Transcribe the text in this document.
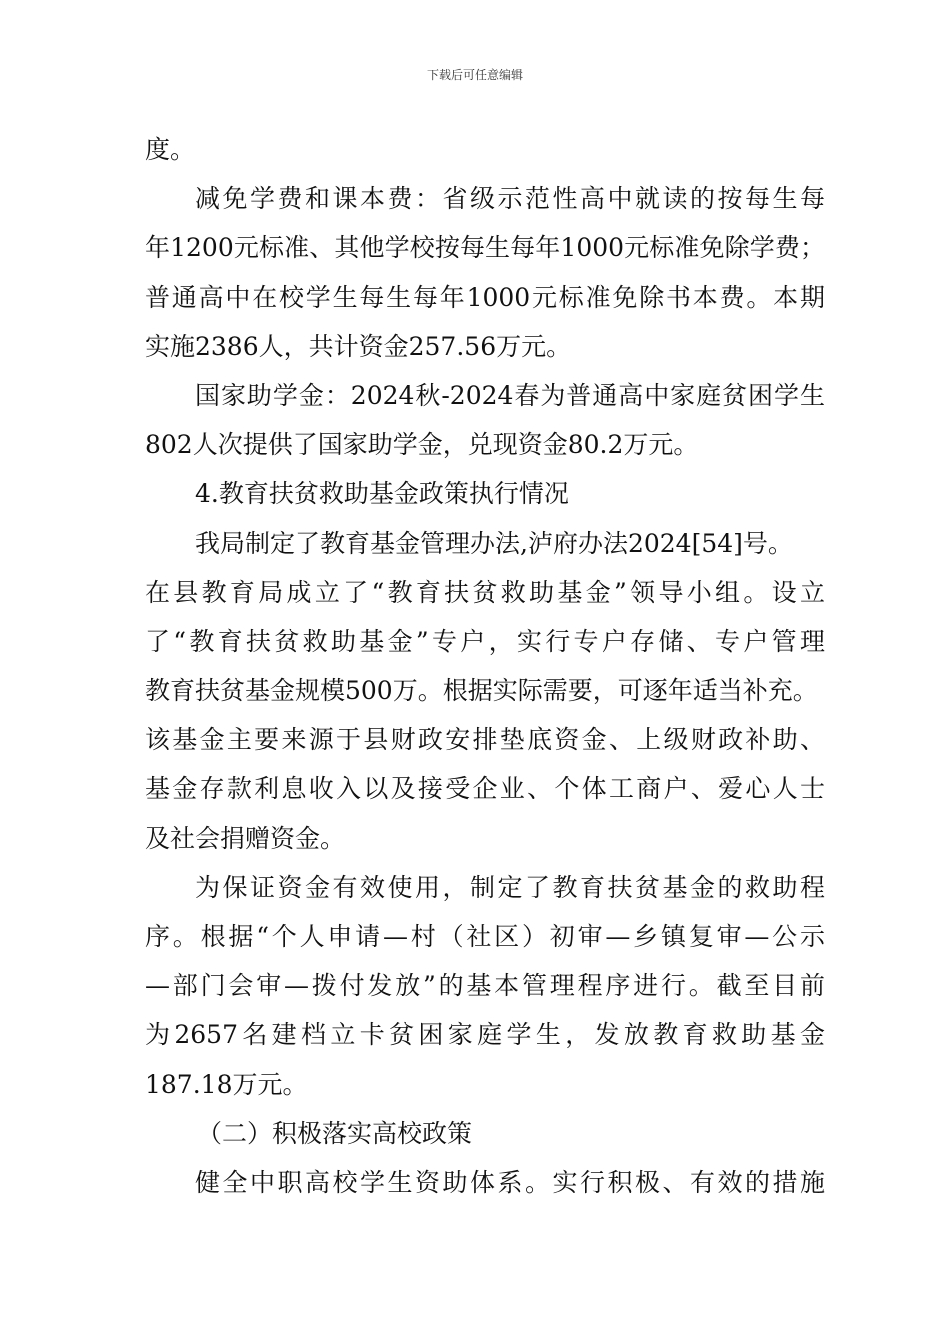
下载后可任意编辑
度。
减免学费和课本费：省级示范性高中就读的按每生每
年1200元标准、其他学校按每生每年1000元标准免除学费；
普通高中在校学生每生每年1000元标准免除书本费。本期
实施2386人，共计资金257.56万元。
国家助学金：2024秋-2024春为普通高中家庭贫困学生
802人次提供了国家助学金，兑现资金80.2万元。
4.教育扶贫救助基金政策执行情况
我局制定了教育基金管理办法,泸府办法2024[54]号。
在县教育局成立了“教育扶贫救助基金”领导小组。设立
了“教育扶贫救助基金”专户，实行专户存储、专户管理
教育扶贫基金规模500万。根据实际需要，可逐年适当补充。
该基金主要来源于县财政安排垫底资金、上级财政补助、
基金存款利息收入以及接受企业、个体工商户、爱心人士
及社会捐赠资金。
为保证资金有效使用，制定了教育扶贫基金的救助程
序。根据“个人申请—村（社区）初审—乡镇复审—公示
—部门会审—拨付发放”的基本管理程序进行。截至目前
为2657名建档立卡贫困家庭学生，发放教育救助基金
187.18万元。
（二）积极落实高校政策
健全中职高校学生资助体系。实行积极、有效的措施
